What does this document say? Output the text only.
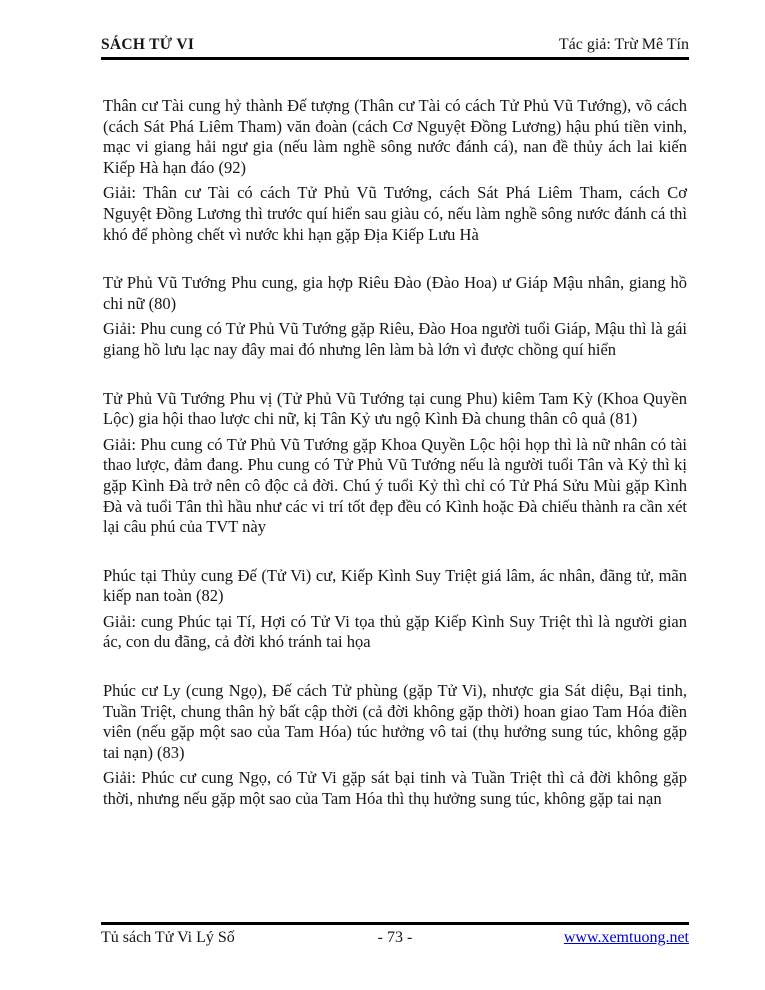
SÁCH TỬ VI	Tác giả: Trừ Mê Tín

Thân cư Tài cung hỷ thành Đế tượng (Thân cư Tài có cách Tử Phủ Vũ Tướng), võ cách (cách Sát Phá Liêm Tham) văn đoàn (cách Cơ Nguyệt Đồng Lương) hậu phú tiền vinh, mạc vi giang hải ngư gia (nếu làm nghề sông nước đánh cá), nan đề thủy ách lai kiến Kiếp Hà hạn đáo (92)

Giải: Thân cư Tài có cách Tử Phủ Vũ Tướng, cách Sát Phá Liêm Tham, cách Cơ Nguyệt Đồng Lương thì trước quí hiển sau giàu có, nếu làm nghề sông nước đánh cá thì khó để phòng chết vì nước khi hạn gặp Địa Kiếp Lưu Hà

Tử Phủ Vũ Tướng Phu cung, gia hợp Riêu Đào (Đào Hoa) ư Giáp Mậu nhân, giang hồ chi nữ (80)

Giải: Phu cung có Tử Phủ Vũ Tướng gặp Riêu, Đào Hoa người tuổi Giáp, Mậu thì là gái giang hồ lưu lạc nay đây mai đó nhưng lên làm bà lớn vì được chồng quí hiển

Tử Phủ Vũ Tướng Phu vị (Tử Phủ Vũ Tướng tại cung Phu) kiêm Tam Kỳ (Khoa Quyền Lộc) gia hội thao lược chi nữ, kị Tân Kỷ ưu ngộ Kình Đà chung thân cô quả (81)

Giải: Phu cung có Tử Phủ Vũ Tướng gặp Khoa Quyền Lộc hội họp thì là nữ nhân có tài thao lược, đảm đang. Phu cung có Tử Phủ Vũ Tướng nếu là người tuổi Tân và Kỷ thì kị gặp Kình Đà trở nên cô độc cả đời. Chú ý tuổi Kỷ thì chỉ có Tử Phá Sửu Mùi gặp Kình Đà và tuổi Tân thì hầu như các vi trí tốt đẹp đều có Kình hoặc Đà chiếu thành ra cần xét lại câu phú của TVT này

Phúc tại Thủy cung Đế (Tử Vi) cư, Kiếp Kình Suy Triệt giá lâm, ác nhân, đãng tử, mãn kiếp nan toàn (82)

Giải: cung Phúc tại Tí, Hợi có Tử Vi tọa thủ gặp Kiếp Kình Suy Triệt thì là người gian ác, con du đãng, cả đời khó tránh tai họa

Phúc cư Ly (cung Ngọ), Đế cách Tử phùng (gặp Tử Vi), nhược gia Sát diệu, Bại tinh, Tuần Triệt, chung thân hỷ bất cập thời (cả đời không gặp thời) hoan giao Tam Hóa điền viên (nếu gặp một sao của Tam Hóa) túc hưởng vô tai (thụ hưởng sung túc, không gặp tai nạn) (83)

Giải: Phúc cư cung Ngọ, có Tử Vi gặp sát bại tinh và Tuần Triệt thì cả đời không gặp thời, nhưng nếu gặp một sao của Tam Hóa thì thụ hưởng sung túc, không gặp tai nạn

Tủ sách Tử Vi Lý Số	- 73 -	www.xemtuong.net
